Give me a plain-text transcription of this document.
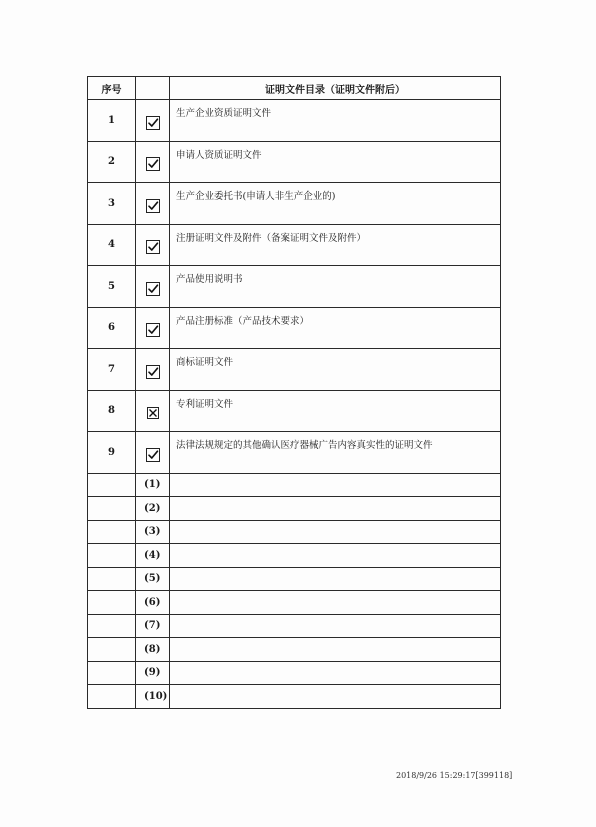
序号		证明文件目录（证明文件附后）
1		生产企业资质证明文件
2		申请人资质证明文件
3		生产企业委托书(申请人非生产企业的)
4		注册证明文件及附件（备案证明文件及附件）
5		产品使用说明书
6		产品注册标准（产品技术要求）
7		商标证明文件
8		专利证明文件
9		法律法规规定的其他确认医疗器械广告内容真实性的证明文件
	(1)	
	(2)	
	(3)	
	(4)	
	(5)	
	(6)	
	(7)	
	(8)	
	(9)	
	(10)	
2018/9/26 15:29:17[399118]
